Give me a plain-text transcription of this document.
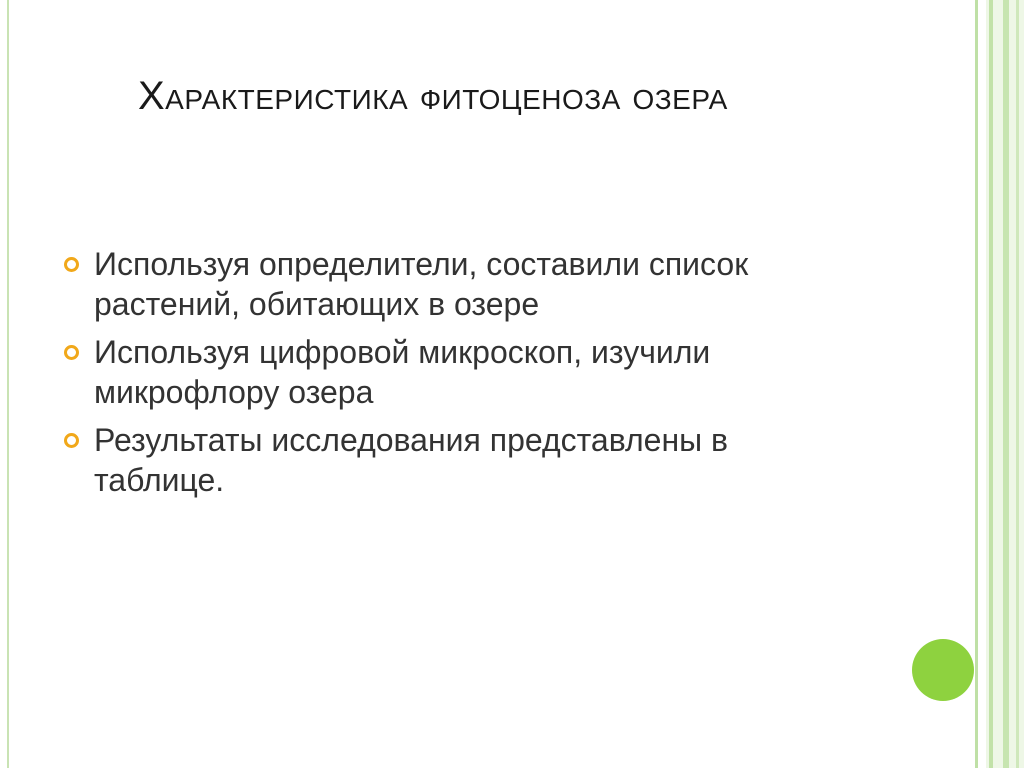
Характеристика фитоценоза озера
Используя определители, составили список растений, обитающих в озере
Используя цифровой микроскоп, изучили микрофлору озера
Результаты исследования представлены в таблице.
